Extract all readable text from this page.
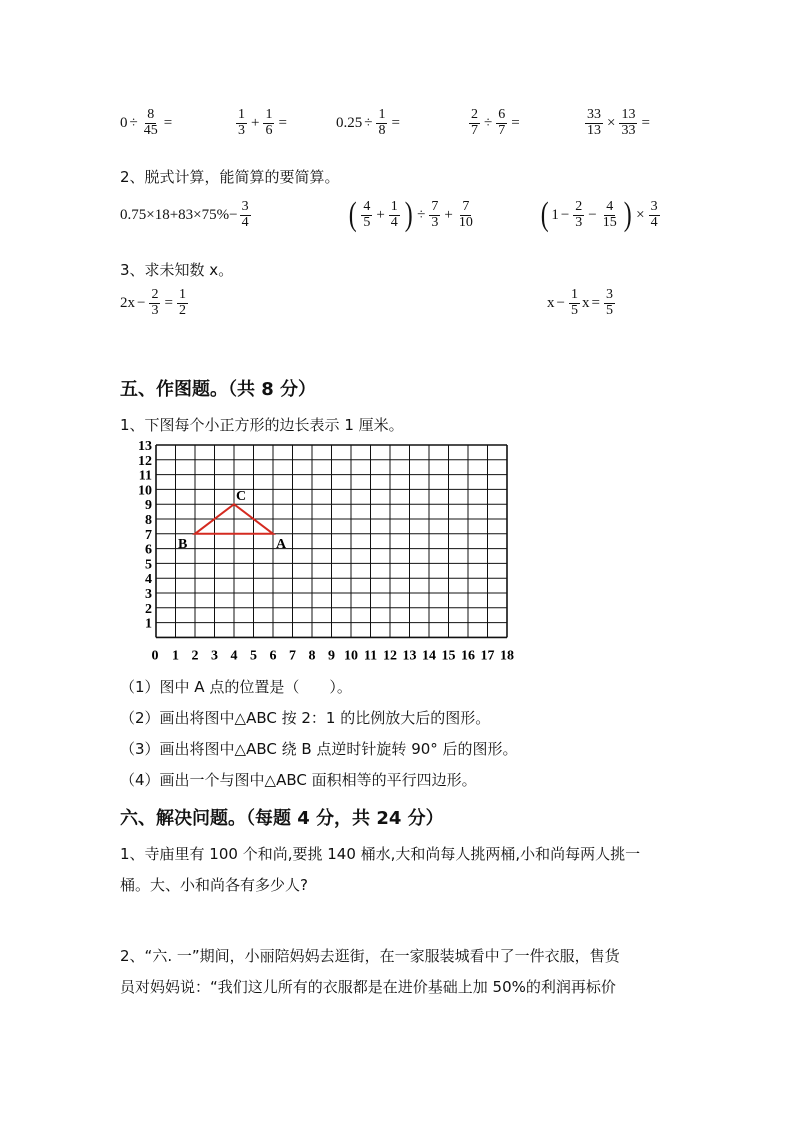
$0 \div \frac{8}{45}$ =	$\frac{1}{3} + \frac{1}{6}$ =	$0.25 \div \frac{1}{8}$ =	$\frac{2}{7} \div \frac{6}{7}$ =	$\frac{33}{13} \times \frac{13}{33}$ =
2、脱式计算，能简算的要简算。
$0.75\times 18+83\times 75\%- \frac{3}{4}$	( $\frac{4}{5} + \frac{1}{4}$ ) ÷ $\frac{7}{3} + \frac{7}{10}$ ( $1 - \frac{2}{3} - \frac{4}{15}$ ) × $\frac{3}{4}$
3、求未知数 x。
$2x - \frac{2}{3} = \frac{1}{2}$	$x - \frac{1}{5}$ $x = \frac{3}{5}$
五、作图题。（共 8 分）
1、下图每个小正方形的边长表示 1 厘米。
13
12
11
10
9
8
7
6
5
4
3
2
1
0 1 2 3 4 5 6 7 8 9 10 11 12 13 14 15 16 17 18
A
B
C
（1）图中 A 点的位置是（　　）。
（2）画出将图中△ABC 按 2：1 的比例放大后的图形。
（3）画出将图中△ABC 绕 B 点逆时针旋转 90° 后的图形。
（4）画出一个与图中△ABC 面积相等的平行四边形。
六、解决问题。（每题 4 分，共 24 分）
1、寺庙里有 100 个和尚,要挑 140 桶水,大和尚每人挑两桶,小和尚每两人挑一
桶。大、小和尚各有多少人?
2、“六. 一”期间，小丽陪妈妈去逛街，在一家服装城看中了一件衣服，售货
员对妈妈说：“我们这儿所有的衣服都是在进价基础上加 50%的利润再标价
